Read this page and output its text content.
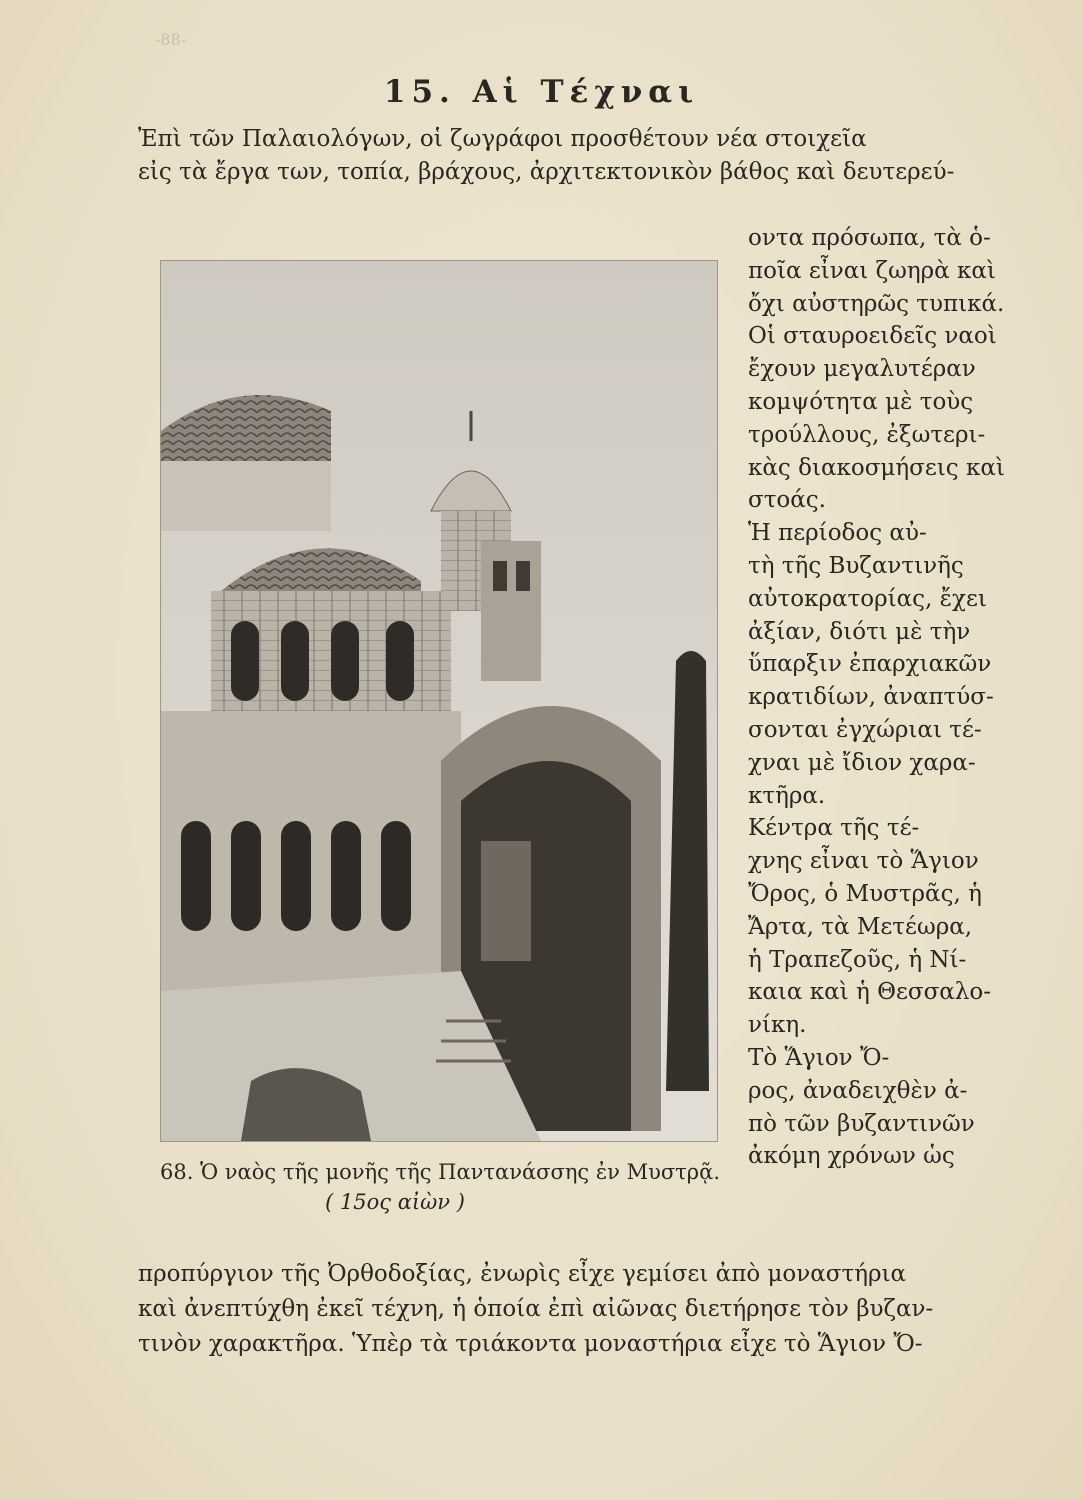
-88-
15. Αἱ Τέχναι
Ἐπὶ τῶν Παλαιολόγων, οἱ ζωγράφοι προσθέτουν νέα στοιχεῖα
εἰς τὰ ἔργα των, τοπία, βράχους, ἀρχιτεκτονικὸν βάθος καὶ δευτερεύ-
οντα πρόσωπα, τὰ ὁ-
ποῖα εἶναι ζωηρὰ καὶ
ὄχι αὐστηρῶς τυπικά.
Οἱ σταυροειδεῖς ναοὶ
ἔχουν μεγαλυτέραν
κομψότητα μὲ τοὺς
τρούλλους, ἐξωτερι-
κὰς διακοσμήσεις καὶ
στοάς.
Ἡ περίοδος αὐ-
τὴ τῆς Βυζαντινῆς
αὐτοκρατορίας, ἔχει
ἀξίαν, διότι μὲ τὴν
ὕπαρξιν ἐπαρχιακῶν
κρατιδίων, ἀναπτύσ-
σονται ἐγχώριαι τέ-
χναι μὲ ἴδιον χαρα-
κτῆρα.
Κέντρα τῆς τέ-
χνης εἶναι τὸ Ἅγιον
Ὄρος, ὁ Μυστρᾶς, ἡ
Ἄρτα, τὰ Μετέωρα,
ἡ Τραπεζοῦς, ἡ Νί-
καια καὶ ἡ Θεσσαλο-
νίκη.
Τὸ Ἅγιον Ὄ-
ρος, ἀναδειχθὲν ἀ-
πὸ τῶν βυζαντινῶν
ἀκόμη χρόνων ὡς
68. Ὁ ναὸς τῆς μονῆς τῆς Παντανάσσης ἐν Μυστρᾷ.
( 15ος αἰὼν )
προπύργιον τῆς Ὀρθοδοξίας, ἐνωρὶς εἶχε γεμίσει ἀπὸ μοναστήρια
καὶ ἀνεπτύχθη ἐκεῖ τέχνη, ἡ ὁποία ἐπὶ αἰῶνας διετήρησε τὸν βυζαν-
τινὸν χαρακτῆρα. Ὑπὲρ τὰ τριάκοντα μοναστήρια εἶχε τὸ Ἅγιον Ὄ-
